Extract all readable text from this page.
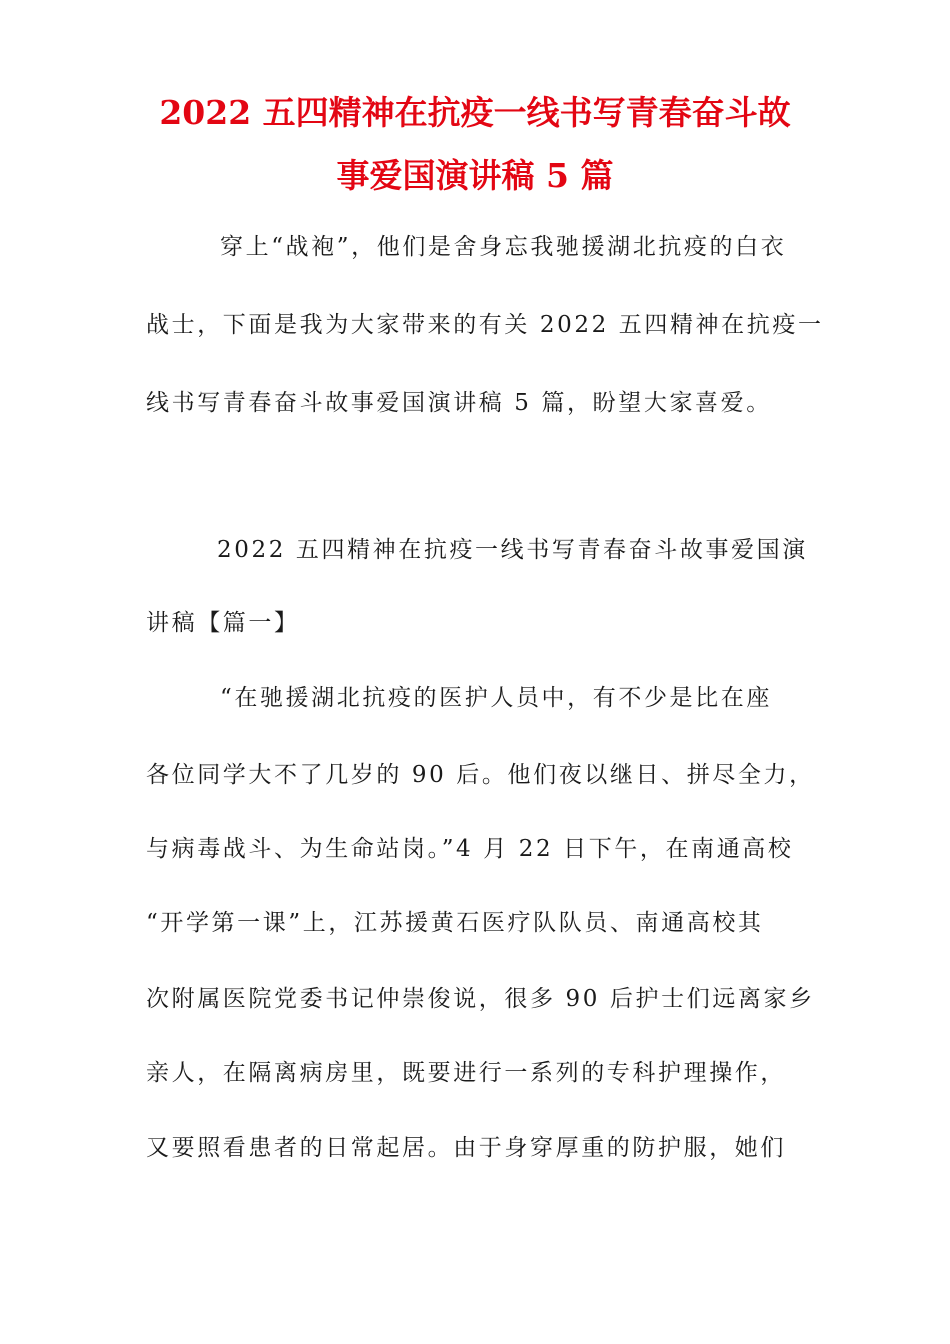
2022 五四精神在抗疫一线书写青春奋斗故
事爱国演讲稿 5 篇
穿上“战袍”，他们是舍身忘我驰援湖北抗疫的白衣
战士，下面是我为大家带来的有关 2022 五四精神在抗疫一
线书写青春奋斗故事爱国演讲稿 5 篇，盼望大家喜爱。
2022 五四精神在抗疫一线书写青春奋斗故事爱国演
讲稿【篇一】
“在驰援湖北抗疫的医护人员中，有不少是比在座
各位同学大不了几岁的 90 后。他们夜以继日、拼尽全力，
与病毒战斗、为生命站岗。”4 月 22 日下午，在南通高校
“开学第一课”上，江苏援黄石医疗队队员、南通高校其
次附属医院党委书记仲崇俊说，很多 90 后护士们远离家乡
亲人，在隔离病房里，既要进行一系列的专科护理操作，
又要照看患者的日常起居。由于身穿厚重的防护服，她们
